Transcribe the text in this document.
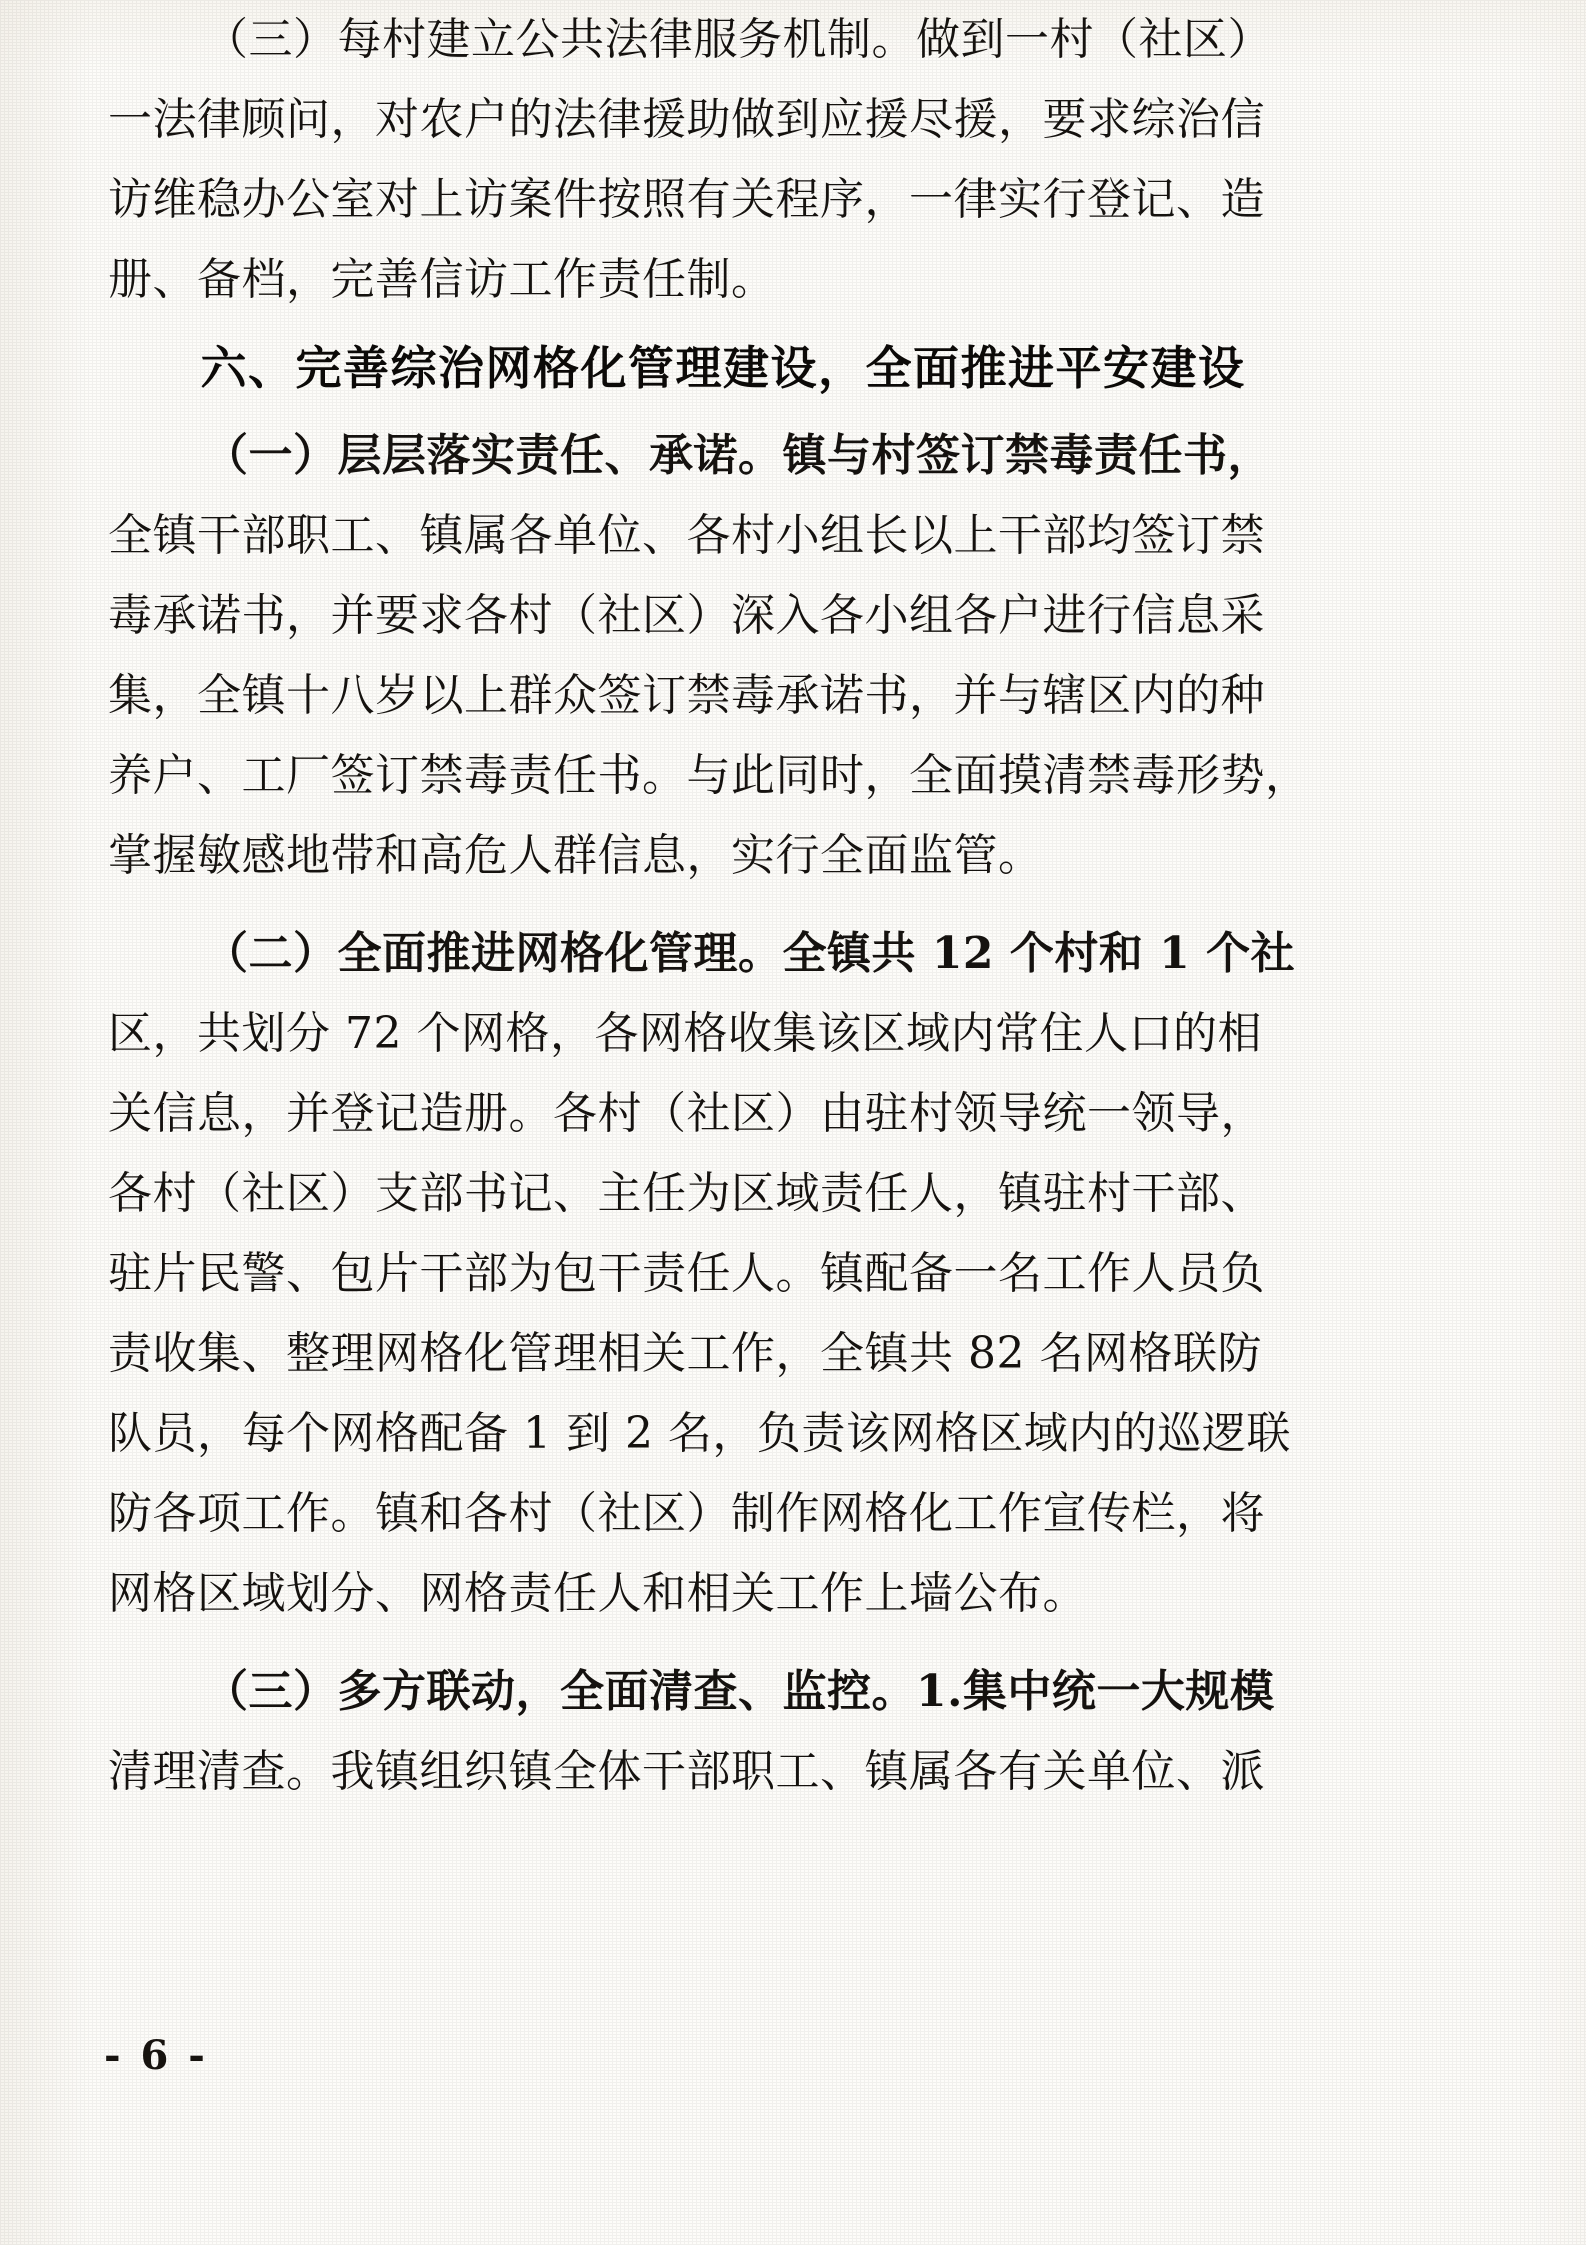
（三）每村建立公共法律服务机制。做到一村（社区）
一法律顾问，对农户的法律援助做到应援尽援，要求综治信
访维稳办公室对上访案件按照有关程序，一律实行登记、造
册、备档，完善信访工作责任制。
六、完善综治网格化管理建设，全面推进平安建设
（一）层层落实责任、承诺。镇与村签订禁毒责任书，
全镇干部职工、镇属各单位、各村小组长以上干部均签订禁
毒承诺书，并要求各村（社区）深入各小组各户进行信息采
集，全镇十八岁以上群众签订禁毒承诺书，并与辖区内的种
养户、工厂签订禁毒责任书。与此同时，全面摸清禁毒形势，
掌握敏感地带和高危人群信息，实行全面监管。
（二）全面推进网格化管理。全镇共 12 个村和 1 个社
区，共划分 72 个网格，各网格收集该区域内常住人口的相
关信息，并登记造册。各村（社区）由驻村领导统一领导，
各村（社区）支部书记、主任为区域责任人，镇驻村干部、
驻片民警、包片干部为包干责任人。镇配备一名工作人员负
责收集、整理网格化管理相关工作，全镇共 82 名网格联防
队员，每个网格配备 1 到 2 名，负责该网格区域内的巡逻联
防各项工作。镇和各村（社区）制作网格化工作宣传栏，将
网格区域划分、网格责任人和相关工作上墙公布。
（三）多方联动，全面清查、监控。1.集中统一大规模
清理清查。我镇组织镇全体干部职工、镇属各有关单位、派
- 6 -
